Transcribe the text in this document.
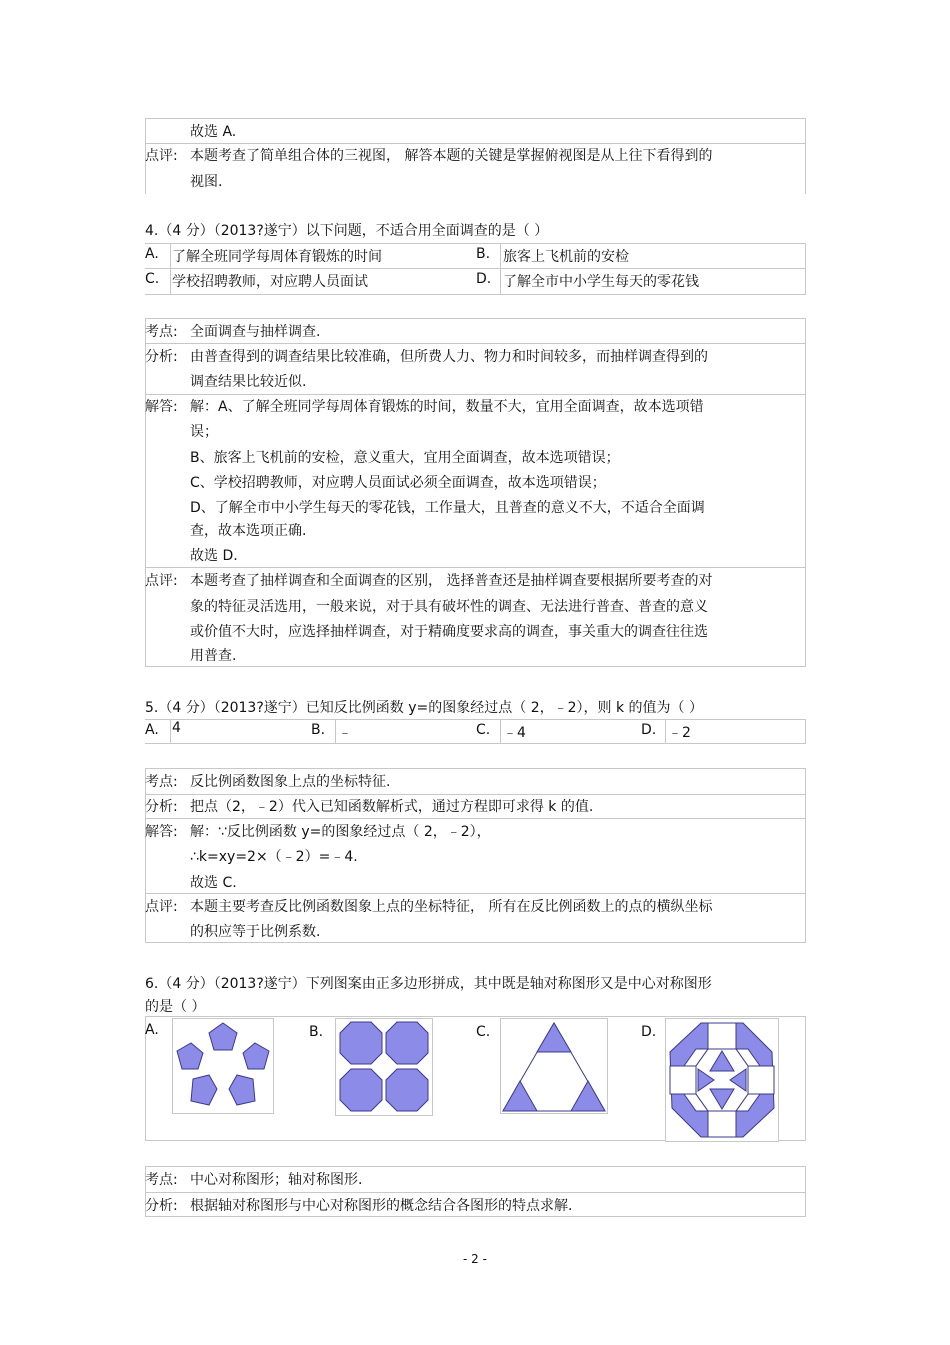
故选 A.
点评: 本题考查了简单组合体的三视图， 解答本题的关键是掌握俯视图是从上往下看得到的
视图.
4.（4 分）（2013?遂宁）以下问题，不适合用全面调查的是（ ）
A. 了解全班同学每周体育锻炼的时间	B. 旅客上飞机前的安检
C. 学校招聘教师，对应聘人员面试	D. 了解全市中小学生每天的零花钱
考点: 全面调查与抽样调查.
分析: 由普查得到的调查结果比较准确，但所费人力、物力和时间较多，而抽样调查得到的
调查结果比较近似.
解答: 解：A、了解全班同学每周体育锻炼的时间，数量不大，宜用全面调查，故本选项错
误；
B、旅客上飞机前的安检，意义重大，宜用全面调查，故本选项错误；
C、学校招聘教师，对应聘人员面试必须全面调查，故本选项错误；
D、了解全市中小学生每天的零花钱，工作量大，且普查的意义不大，不适合全面调
查，故本选项正确.
故选 D.
点评: 本题考查了抽样调查和全面调查的区别， 选择普查还是抽样调查要根据所要考查的对
象的特征灵活选用，一般来说，对于具有破坏性的调查、无法进行普查、普查的意义
或价值不大时，应选择抽样调查，对于精确度要求高的调查，事关重大的调查往往选
用普查.
5.（4 分）（2013?遂宁）已知反比例函数 y=的图象经过点（ 2，﹣2），则 k 的值为（ ）
A. 4	B. ﹣	C. ﹣4	D. ﹣2
考点: 反比例函数图象上点的坐标特征.
分析: 把点（2，﹣2）代入已知函数解析式，通过方程即可求得 k 的值.
解答: 解：∵反比例函数 y=的图象经过点（ 2，﹣2），
∴k=xy=2×（﹣2）=﹣4.
故选 C.
点评: 本题主要考查反比例函数图象上点的坐标特征， 所有在反比例函数上的点的横纵坐标
的积应等于比例系数.
6.（4 分）（2013?遂宁）下列图案由正多边形拼成，其中既是轴对称图形又是中心对称图形
的是（ ）
A.	B.	C.	D.
考点: 中心对称图形；轴对称图形.
分析: 根据轴对称图形与中心对称图形的概念结合各图形的特点求解.
- 2 -
